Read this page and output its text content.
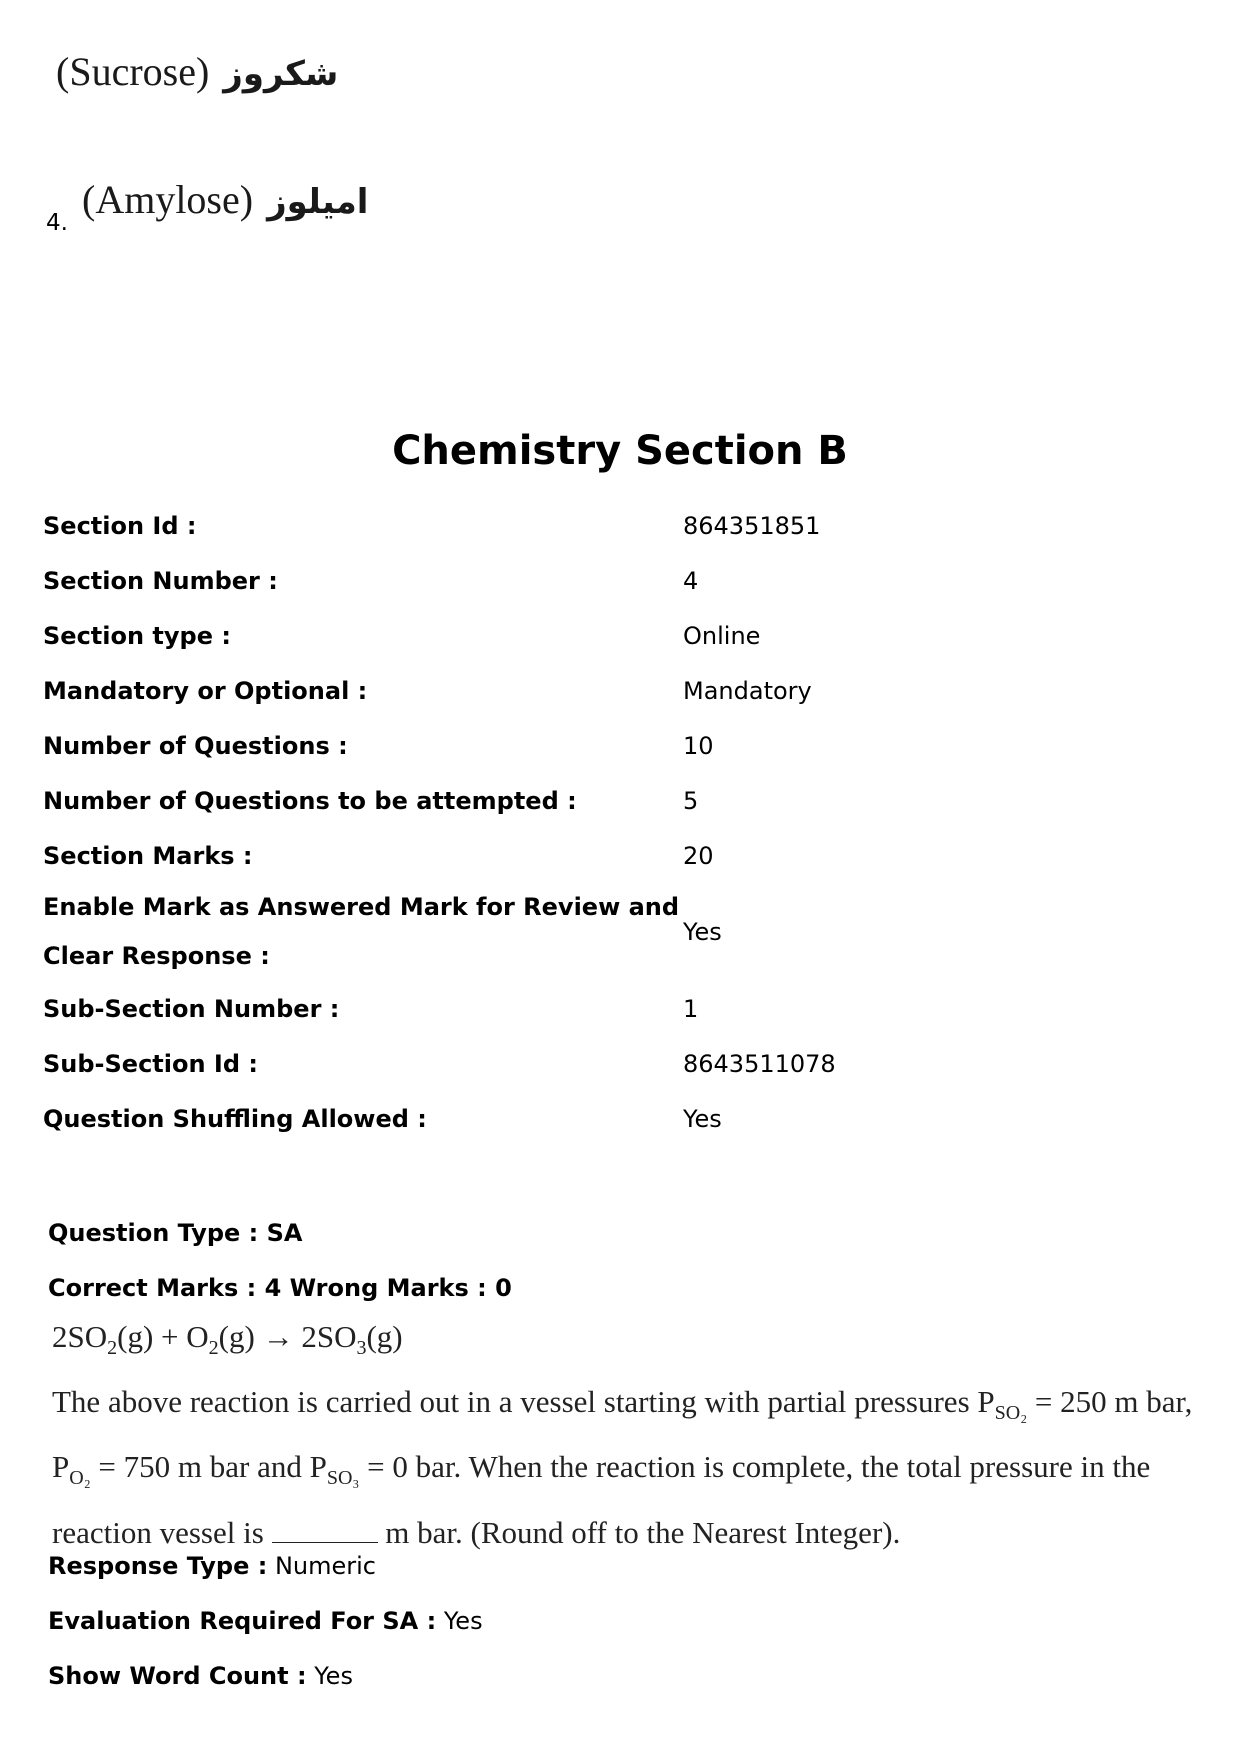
(Sucrose) شکروز
4.
(Amylose) امیلوز
Chemistry Section B
Section Id :	864351851
Section Number :	4
Section type :	Online
Mandatory or Optional :	Mandatory
Number of Questions :	10
Number of Questions to be attempted :	5
Section Marks :	20
Enable Mark as Answered Mark for Review and Clear Response :	Yes
Sub-Section Number :	1
Sub-Section Id :	8643511078
Question Shuffling Allowed :	Yes
Question Type : SA
Correct Marks : 4 Wrong Marks : 0
$2SO_2(g) + O_2(g) \to 2SO_3(g)$
The above reaction is carried out in a vessel starting with partial pressures $P_{SO_2} = 250$ m bar,
$P_{O_2} = 750$ m bar and $P_{SO_3} = 0$ bar. When the reaction is complete, the total pressure in the
reaction vessel is	m bar. (Round off to the Nearest Integer).
Response Type : Numeric
Evaluation Required For SA : Yes
Show Word Count : Yes
